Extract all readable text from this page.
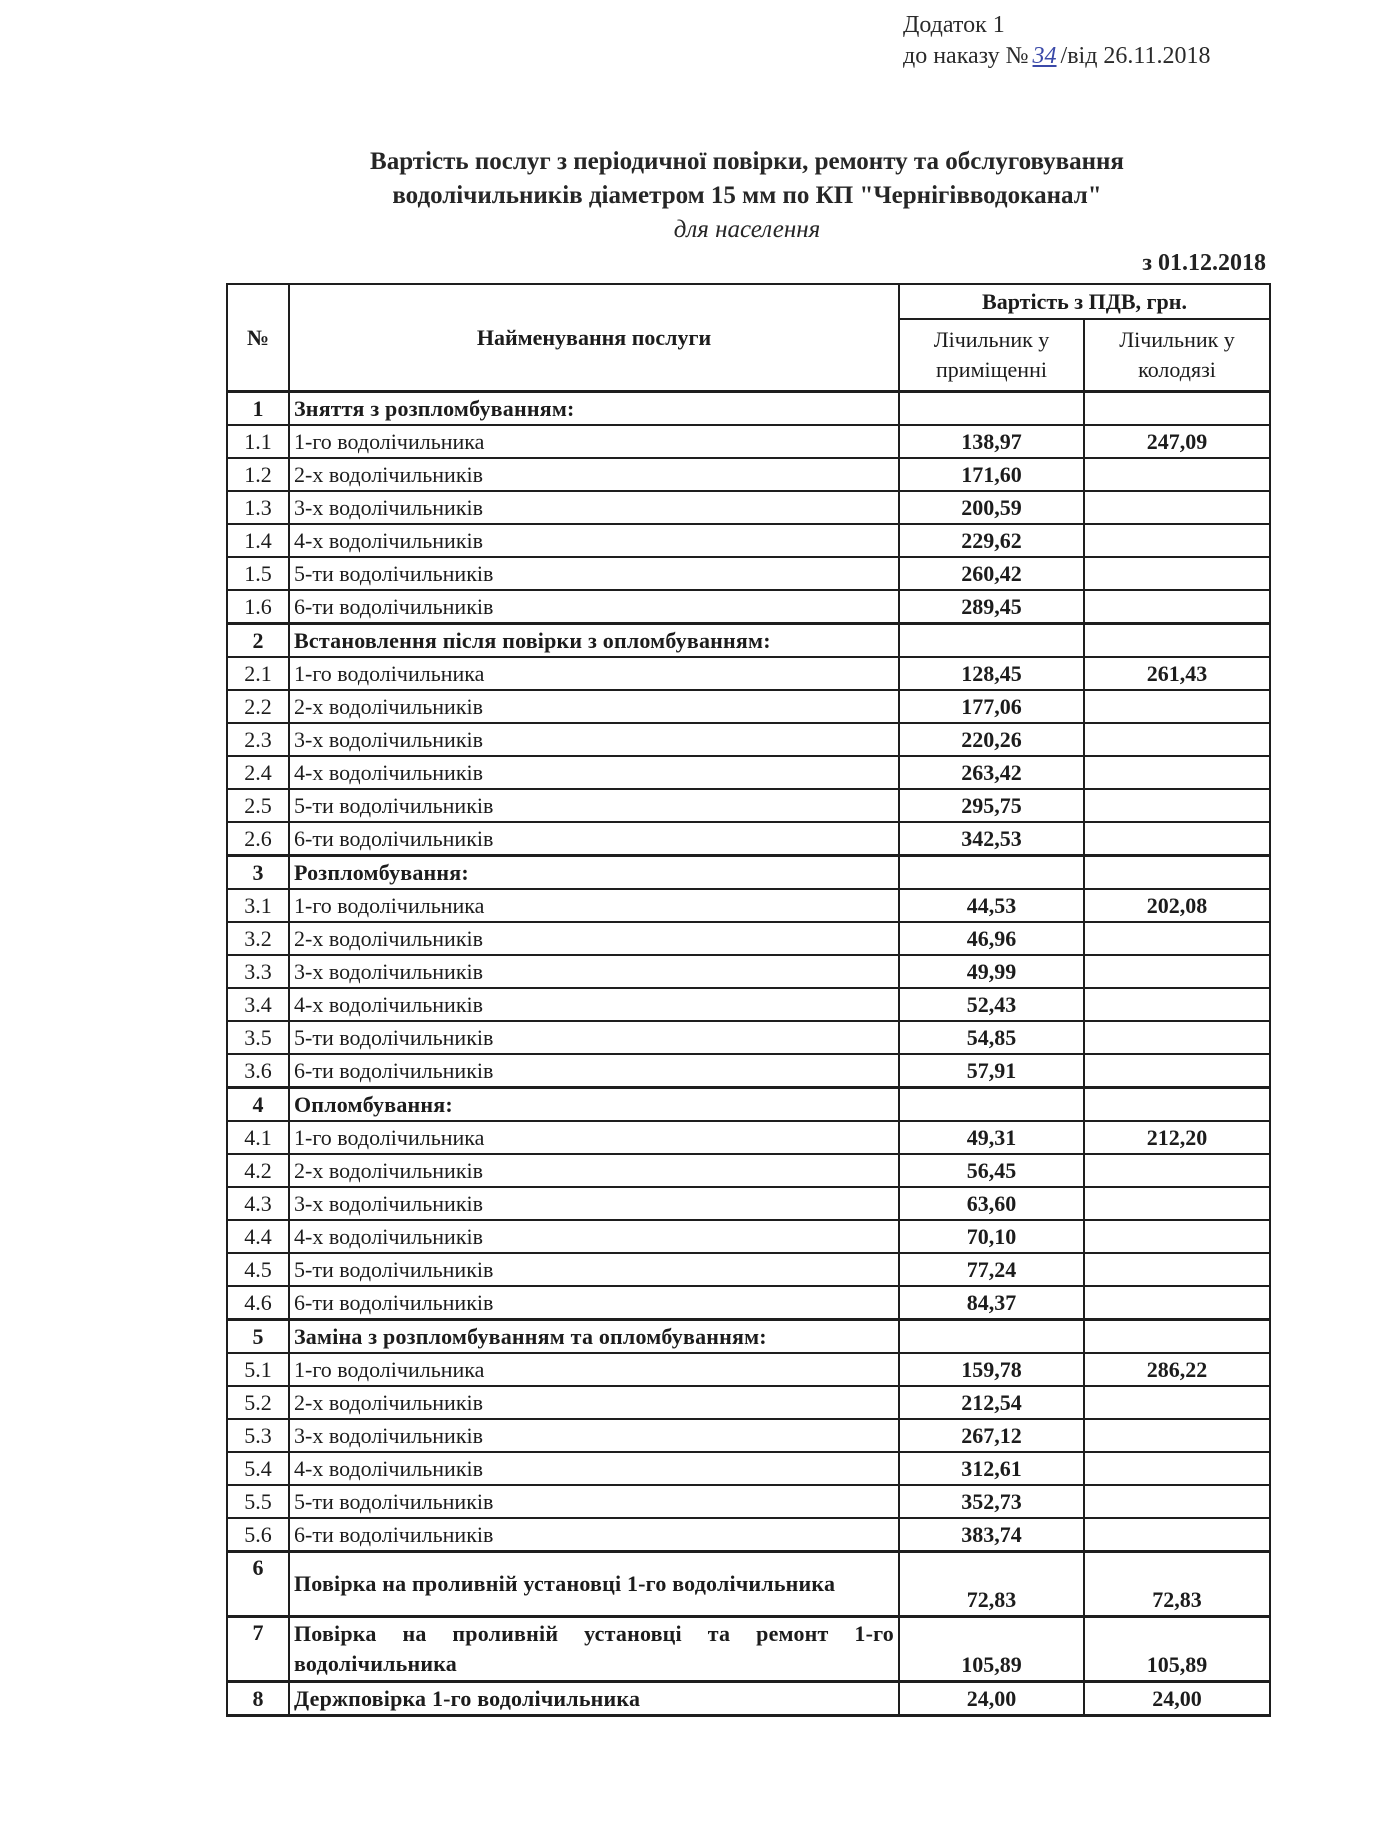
Додаток 1
до наказу № 34 /від 26.11.2018
Вартість послуг з періодичної повірки, ремонту та обслуговування
водолічильників діаметром 15 мм по КП "Чернігівводоканал"
для населення
з 01.12.2018
№	Найменування послуги	Вартість з ПДВ, грн.	
		Лічильник у приміщенні	Лічильник у колодязі
1	Зняття з розпломбуванням:		
1.1	1-го водолічильника	138,97	247,09
1.2	2-х водолічильників	171,60	
1.3	3-х водолічильників	200,59	
1.4	4-х водолічильників	229,62	
1.5	5-ти водолічильників	260,42	
1.6	6-ти водолічильників	289,45	
2	Встановлення після повірки з опломбуванням:		
2.1	1-го водолічильника	128,45	261,43
2.2	2-х водолічильників	177,06	
2.3	3-х водолічильників	220,26	
2.4	4-х водолічильників	263,42	
2.5	5-ти водолічильників	295,75	
2.6	6-ти водолічильників	342,53	
3	Розпломбування:		
3.1	1-го водолічильника	44,53	202,08
3.2	2-х водолічильників	46,96	
3.3	3-х водолічильників	49,99	
3.4	4-х водолічильників	52,43	
3.5	5-ти водолічильників	54,85	
3.6	6-ти водолічильників	57,91	
4	Опломбування:		
4.1	1-го водолічильника	49,31	212,20
4.2	2-х водолічильників	56,45	
4.3	3-х водолічильників	63,60	
4.4	4-х водолічильників	70,10	
4.5	5-ти водолічильників	77,24	
4.6	6-ти водолічильників	84,37	
5	Заміна з розпломбуванням та опломбуванням:		
5.1	1-го водолічильника	159,78	286,22
5.2	2-х водолічильників	212,54	
5.3	3-х водолічильників	267,12	
5.4	4-х водолічильників	312,61	
5.5	5-ти водолічильників	352,73	
5.6	6-ти водолічильників	383,74	
6	Повірка на проливній установці 1-го водолічильника	72,83	72,83
7	Повірка на проливній установці та ремонт 1-го водолічильника	105,89	105,89
8	Держповірка 1-го водолічильника	24,00	24,00
